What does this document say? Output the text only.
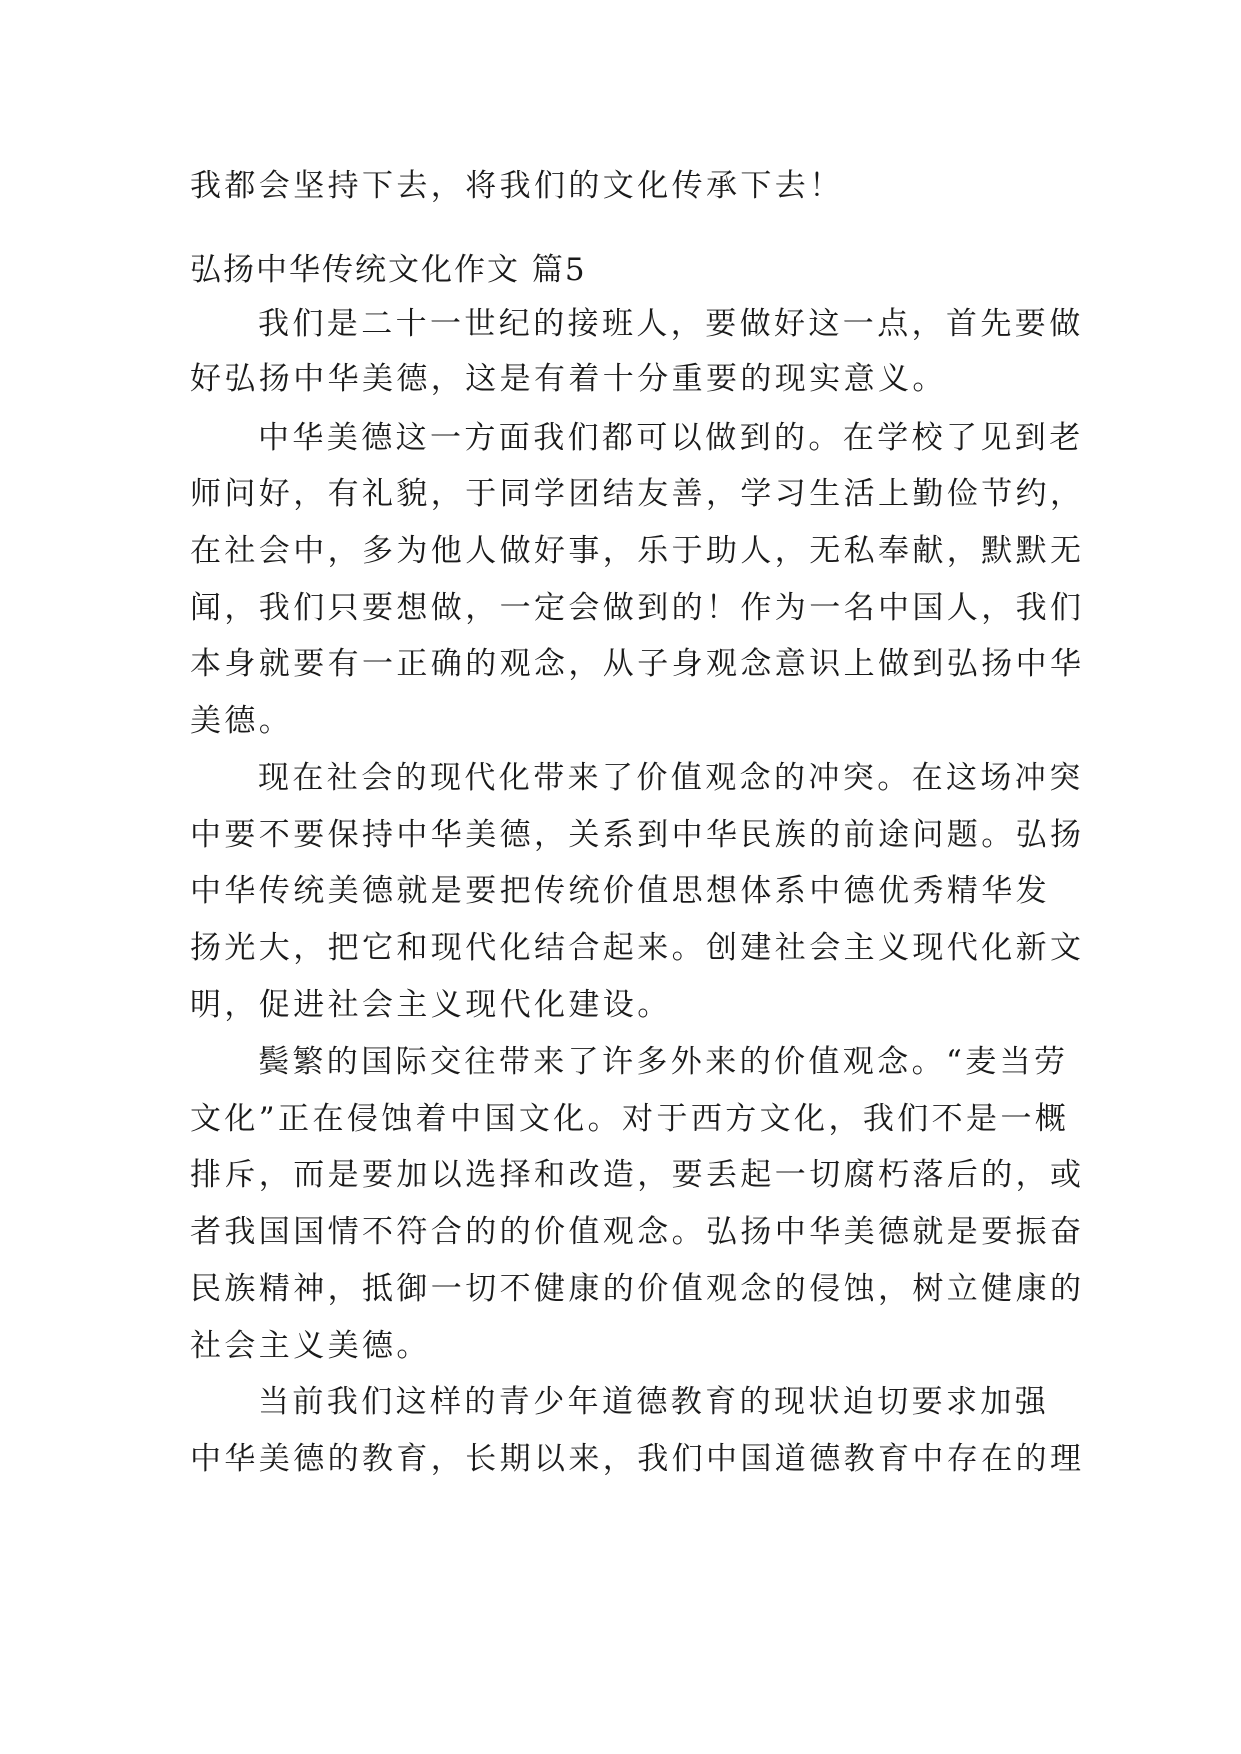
我都会坚持下去，将我们的文化传承下去！
弘扬中华传统文化作文 篇5
我们是二十一世纪的接班人，要做好这一点，首先要做
好弘扬中华美德，这是有着十分重要的现实意义。
中华美德这一方面我们都可以做到的。在学校了见到老
师问好，有礼貌，于同学团结友善，学习生活上勤俭节约，
在社会中，多为他人做好事，乐于助人，无私奉献，默默无
闻，我们只要想做，一定会做到的！作为一名中国人，我们
本身就要有一正确的观念，从子身观念意识上做到弘扬中华
美德。
现在社会的现代化带来了价值观念的冲突。在这场冲突
中要不要保持中华美德，关系到中华民族的前途问题。弘扬
中华传统美德就是要把传统价值思想体系中德优秀精华发
扬光大，把它和现代化结合起来。创建社会主义现代化新文
明，促进社会主义现代化建设。
鬓繁的国际交往带来了许多外来的价值观念。“麦当劳
文化”正在侵蚀着中国文化。对于西方文化，我们不是一概
排斥，而是要加以选择和改造，要丢起一切腐朽落后的，或
者我国国情不符合的的价值观念。弘扬中华美德就是要振奋
民族精神，抵御一切不健康的价值观念的侵蚀，树立健康的
社会主义美德。
当前我们这样的青少年道德教育的现状迫切要求加强
中华美德的教育，长期以来，我们中国道德教育中存在的理
